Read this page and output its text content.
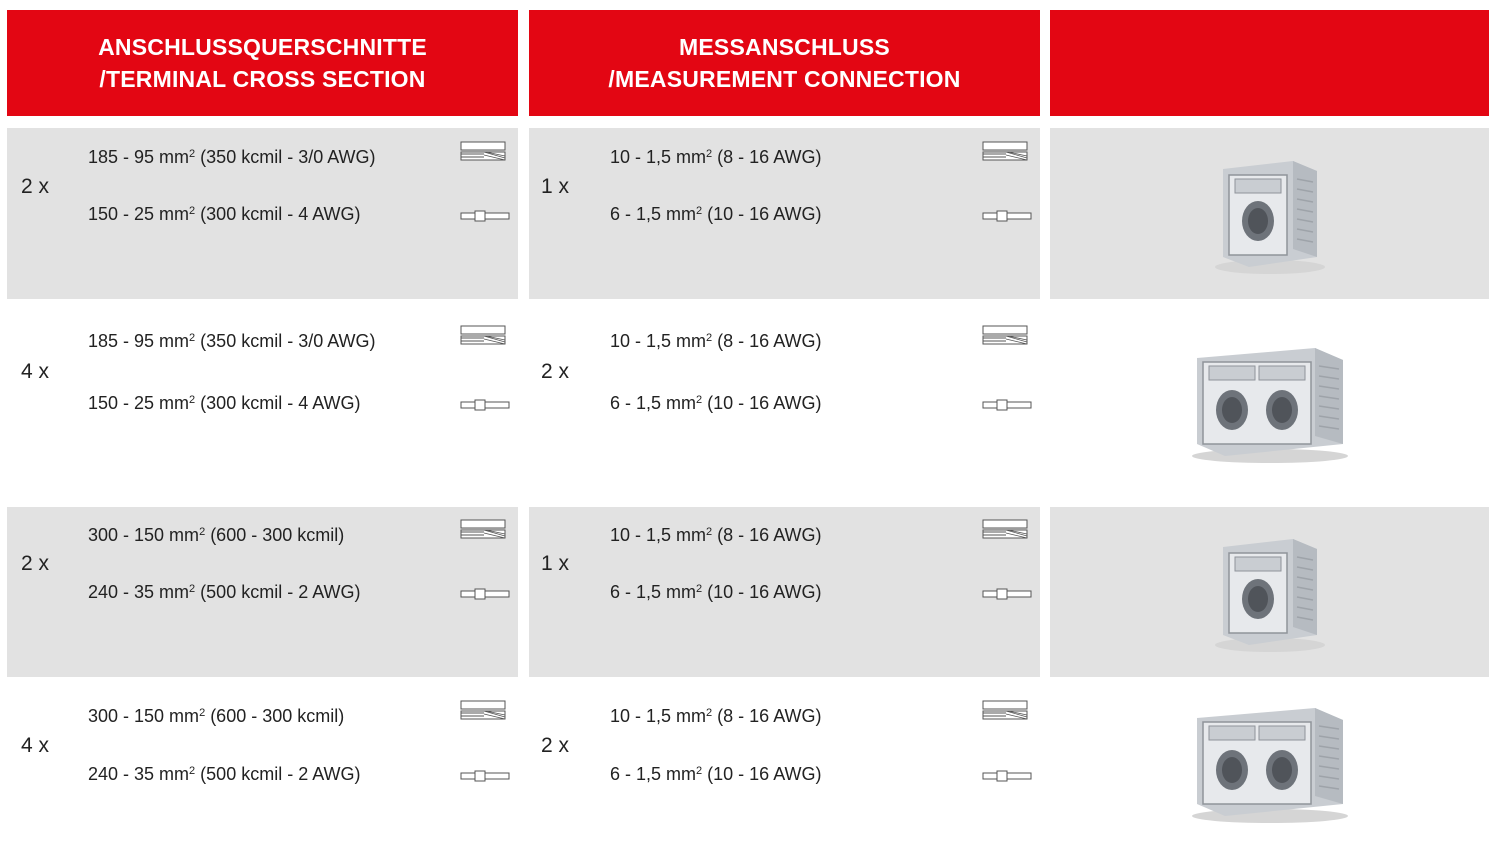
ANSCHLUSSQUERSCHNITTE
/TERMINAL CROSS SECTION
MESSANSCHLUSS
/MEASUREMENT CONNECTION
2 x
185 - 95 $mm^2$ (350 kcmil - 3/0 AWG)
150 - 25 $mm^2$ (300 kcmil - 4 AWG)
1 x
10 - 1,5 $mm^2$ (8 - 16 AWG)
6 - 1,5 $mm^2$ (10 - 16 AWG)
4 x
185 - 95 $mm^2$ (350 kcmil - 3/0 AWG)
150 - 25 $mm^2$ (300 kcmil - 4 AWG)
2 x
10 - 1,5 $mm^2$ (8 - 16 AWG)
6 - 1,5 $mm^2$ (10 - 16 AWG)
2 x
300 - 150 $mm^2$ (600 - 300 kcmil)
240 - 35 $mm^2$ (500 kcmil - 2 AWG)
1 x
10 - 1,5 $mm^2$ (8 - 16 AWG)
6 - 1,5 $mm^2$ (10 - 16 AWG)
4 x
300 - 150 $mm^2$ (600 - 300 kcmil)
240 - 35 $mm^2$ (500 kcmil - 2 AWG)
2 x
10 - 1,5 $mm^2$ (8 - 16 AWG)
6 - 1,5 $mm^2$ (10 - 16 AWG)
